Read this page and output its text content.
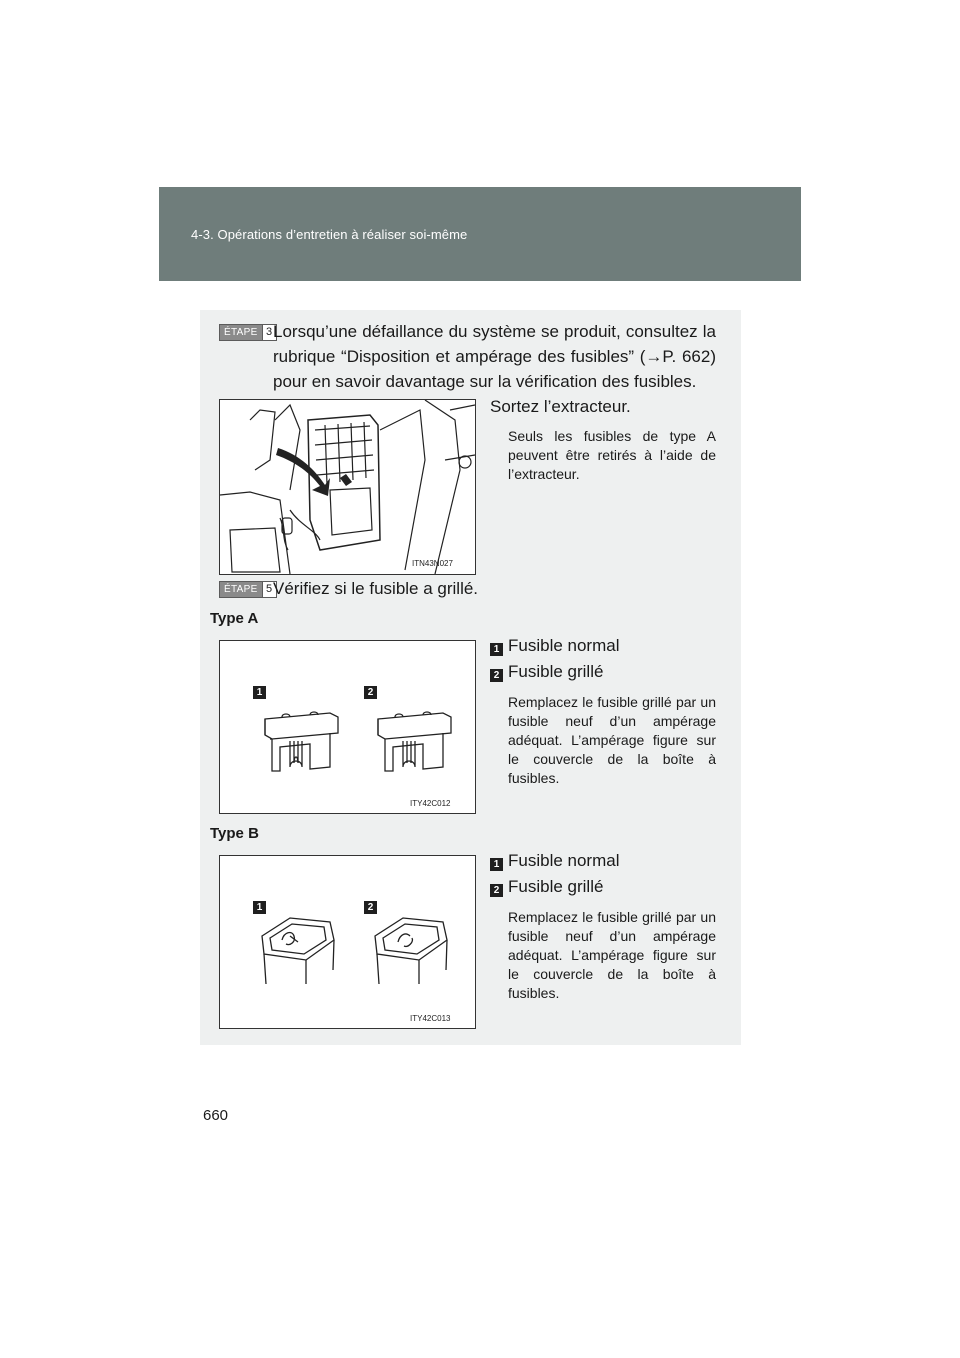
4-3. Opérations d’entretien à réaliser soi-même
ÉTAPE 3 Lorsqu’une défaillance du système se produit, consultez la rubrique “Disposition et ampérage des fusibles” (→P. 662) pour en savoir davantage sur la vérification des fusibles.
ITN43N027
Sortez l’extracteur.
Seuls les fusibles de type A peuvent être retirés à l’aide de l’extracteur.
ÉTAPE 5 Vérifiez si le fusible a grillé.
Type A
ITY42C012
1	2
1 Fusible normal
2 Fusible grillé
Remplacez le fusible grillé par un fusible neuf d’un ampérage adéquat. L’ampérage figure sur le couvercle de la boîte à fusibles.
Type B
ITY42C013
1	2
1 Fusible normal
2 Fusible grillé
Remplacez le fusible grillé par un fusible neuf d’un ampérage adéquat. L’ampérage figure sur le couvercle de la boîte à fusibles.
660
